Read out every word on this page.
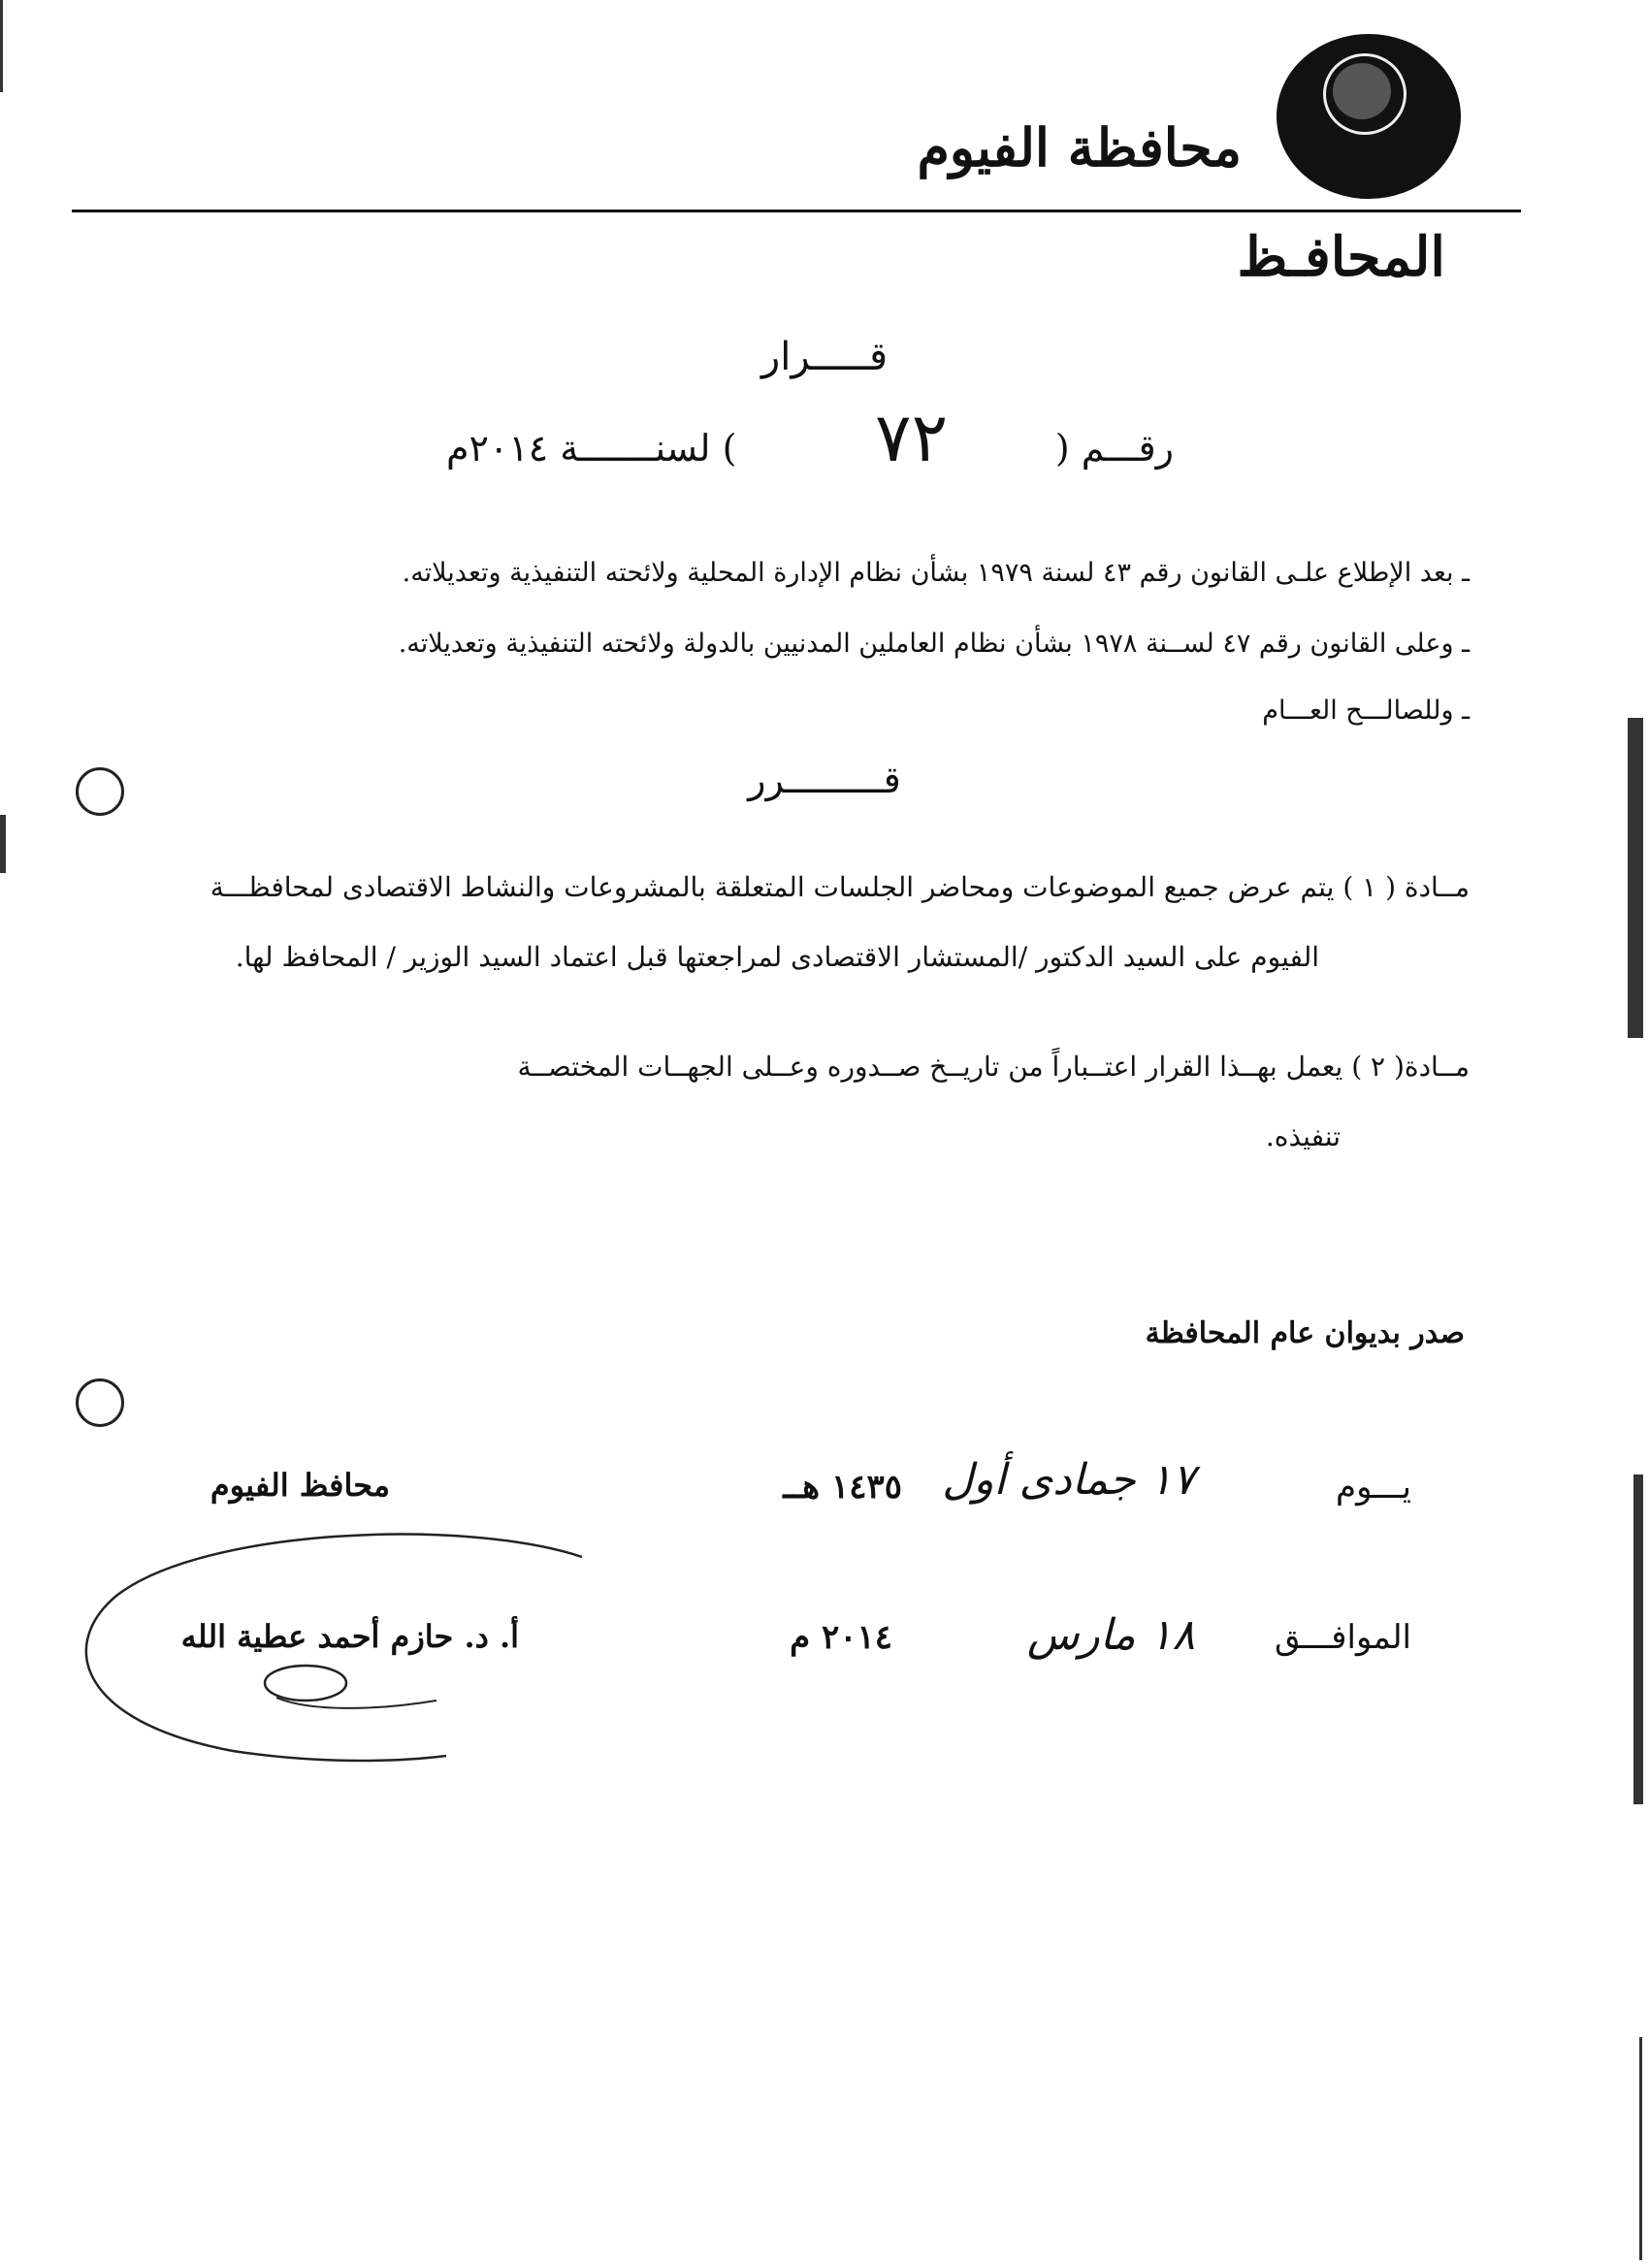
محافظة الفيوم
المحافـظ
قـــــرار
رقـــم (
٧٢
) لسنـــــــة ٢٠١٤م
ـ بعد الإطلاع علـى القانون رقم ٤٣ لسنة ١٩٧٩ بشأن نظام الإدارة المحلية ولائحته التنفيذية وتعديلاته.
ـ وعلى القانون رقم ٤٧ لســنة ١٩٧٨ بشأن نظام العاملين المدنيين بالدولة ولائحته التنفيذية وتعديلاته.
ـ وللصالـــح العـــام
قـــــــــرر
مــادة ( ١ ) يتم عرض جميع الموضوعات ومحاضر الجلسات المتعلقة بالمشروعات والنشاط الاقتصادى لمحافظـــة
الفيوم على السيد الدكتور /المستشار الاقتصادى لمراجعتها قبل اعتماد السيد الوزير / المحافظ لها.
مــادة( ٢ ) يعمل بهــذا القرار اعتــباراً من تاريــخ صــدوره وعــلى الجهــات المختصــة
تنفيذه.
صدر بديوان عام المحافظة
يـــوم
١٧ جمادى أول
١٤٣٥ هــ
الموافـــق
١٨ مارس
٢٠١٤ م
محافظ الفيوم
أ. د. حازم أحمد عطية الله
